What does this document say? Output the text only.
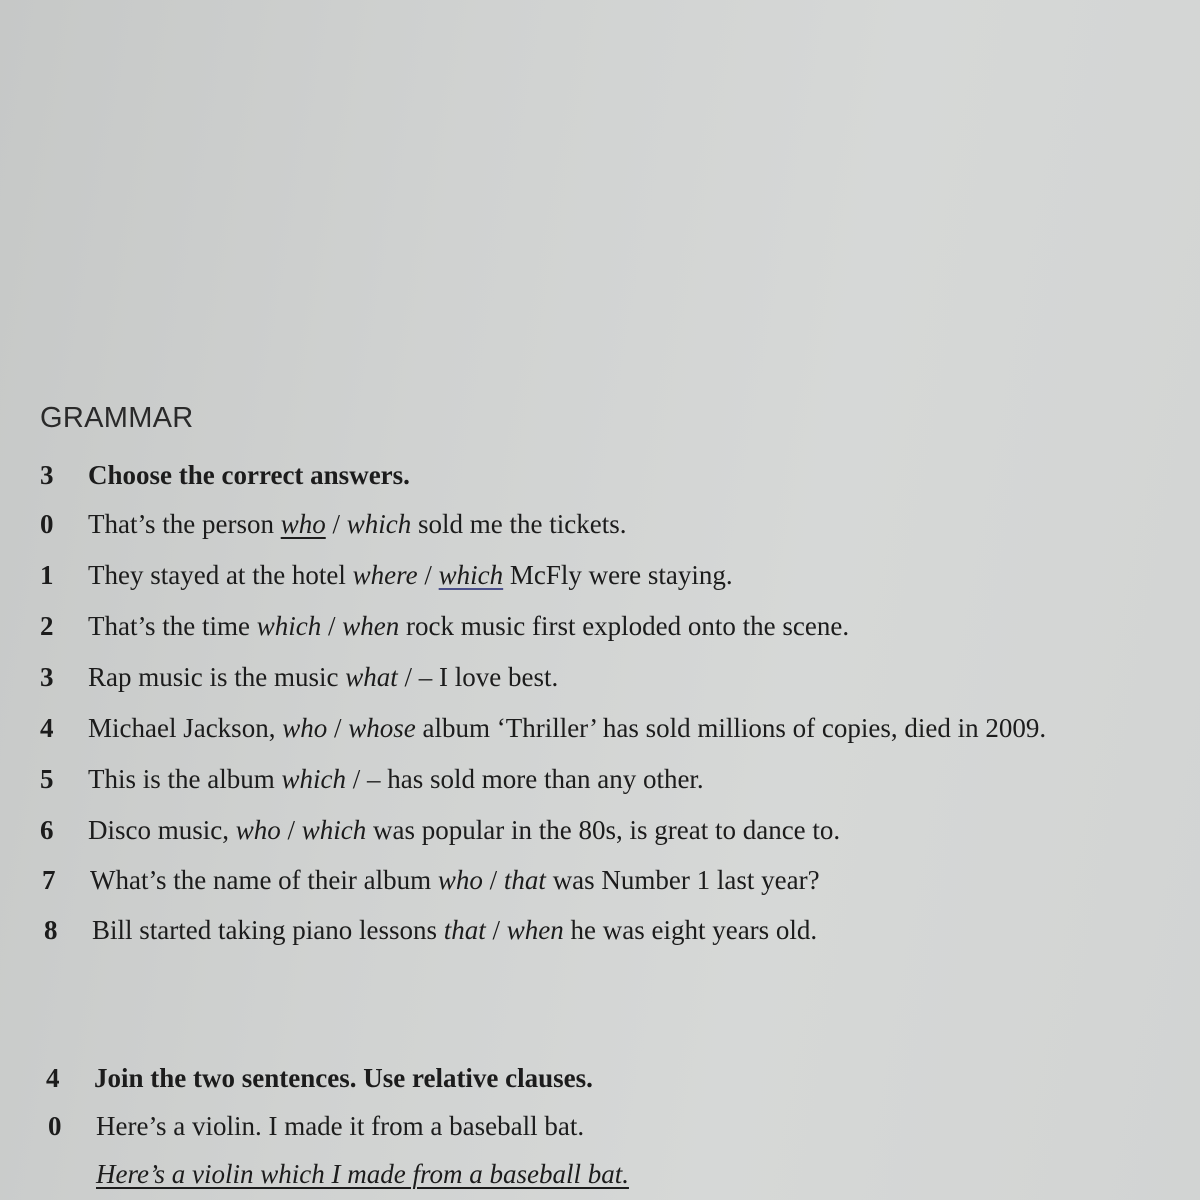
GRAMMAR
3	Choose the correct answers.
0	That’s the person who / which sold me the tickets.
1	They stayed at the hotel where / which McFly were staying.
2	That’s the time which / when rock music first exploded onto the scene.
3	Rap music is the music what / – I love best.
4	Michael Jackson, who / whose album ‘Thriller’ has sold millions of copies, died in 2009.
5	This is the album which / – has sold more than any other.
6	Disco music, who / which was popular in the 80s, is great to dance to.
7	What’s the name of their album who / that was Number 1 last year?
8	Bill started taking piano lessons that / when he was eight years old.
4	Join the two sentences. Use relative clauses.
0	Here’s a violin. I made it from a baseball bat.
Here’s a violin which I made from a baseball bat.
